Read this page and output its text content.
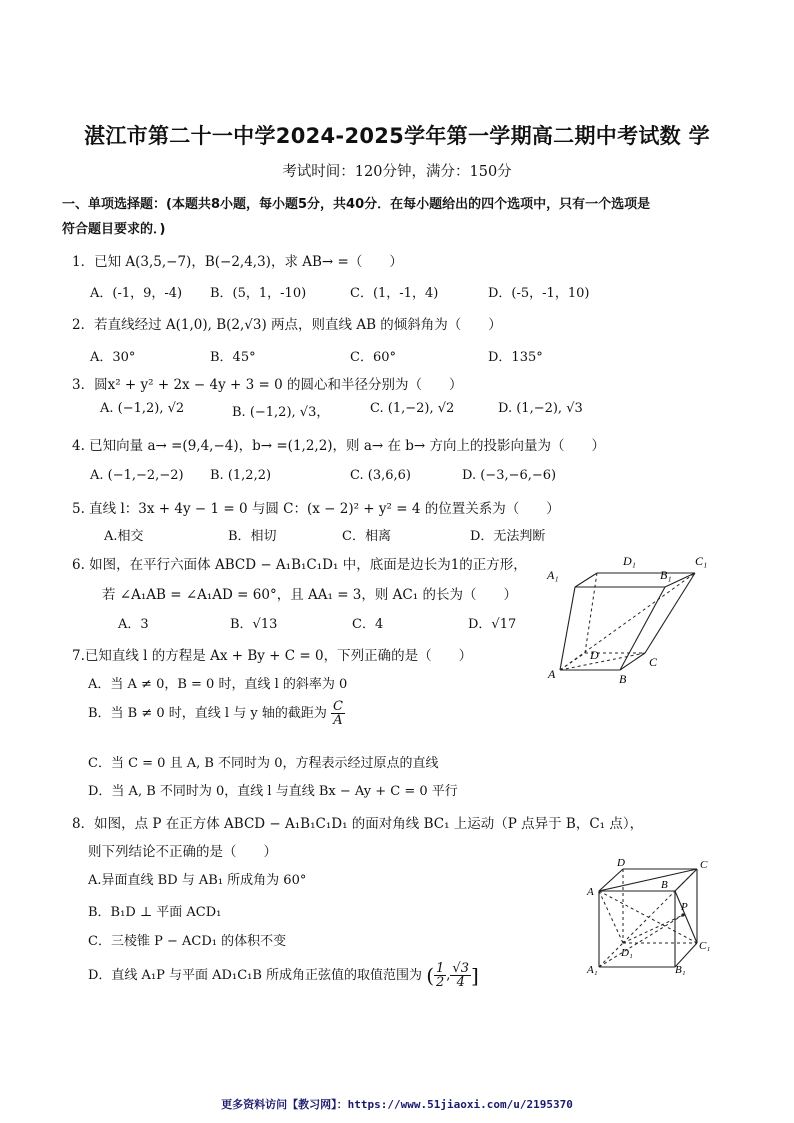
湛江市第二十一中学2024-2025学年第一学期高二期中考试数 学
考试时间：120分钟，满分：150分
一、单项选择题：(本题共8小题，每小题5分，共40分．在每小题给出的四个选项中，只有一个选项是
符合题目要求的．)
1．已知 A(3,5,−7)，B(−2,4,3)，求 AB→ =（　　）
A．(-1，9，-4) B．(5，1，-10)	C．(1，-1，4)	D．(-5，-1，10)
2．若直线经过 A(1,0), B(2,√3) 两点，则直线 AB 的倾斜角为（　　）
A．30°	B．45°	C．60°	D．135°
3．圆x² + y² + 2x − 4y + 3 = 0 的圆心和半径分别为（　　）
A. (−1,2), √2	B. (−1,2), √3，	C. (1,−2), √2	D. (1,−2), √3
4. 已知向量 a→ =(9,4,−4)，b→ =(1,2,2)，则 a→ 在 b→ 方向上的投影向量为（　　）
A. (−1,−2,−2) B. (1,2,2)	C. (3,6,6)	D. (−3,−6,−6)
5. 直线 l：3x + 4y − 1 = 0 与圆 C：(x − 2)² + y² = 4 的位置关系为（　　）
A.相交	B．相切	C．相离	D．无法判断
6. 如图，在平行六面体 ABCD − A₁B₁C₁D₁ 中，底面是边长为1的正方形，
若 ∠A₁AB = ∠A₁AD = 60°，且 AA₁ = 3，则 AC₁ 的长为（　　）
A．3	B．√13	C．4	D．√17
D₁	C₁
A₁	B₁
D	C
A	B
7.已知直线 l 的方程是 Ax + By + C = 0，下列正确的是（　　）
A．当 A ≠ 0，B = 0 时，直线 l 的斜率为 0
B．当 B ≠ 0 时，直线 l 与 y 轴的截距为 $\frac{C}{A}$
C．当 C = 0 且 A, B 不同时为 0，方程表示经过原点的直线
D．当 A, B 不同时为 0，直线 l 与直线 Bx − Ay + C = 0 平行
8．如图，点 P 在正方体 ABCD − A₁B₁C₁D₁ 的面对角线 BC₁ 上运动（P 点异于 B，C₁ 点），
则下列结论不正确的是（　　）
A.异面直线 BD 与 AB₁ 所成角为 60°
B．B₁D ⊥ 平面 ACD₁
C．三棱锥 P − ACD₁ 的体积不变
D．直线 A₁P 与平面 AD₁C₁B 所成角正弦值的取值范围为 ( $\frac{1}{2}$ , $\frac{√3}{4}$ ]
D	C
A
B
P
D₁
C₁
A₁	B₁
更多资料访问【教习网】：https://www.51jiaoxi.com/u/2195370
